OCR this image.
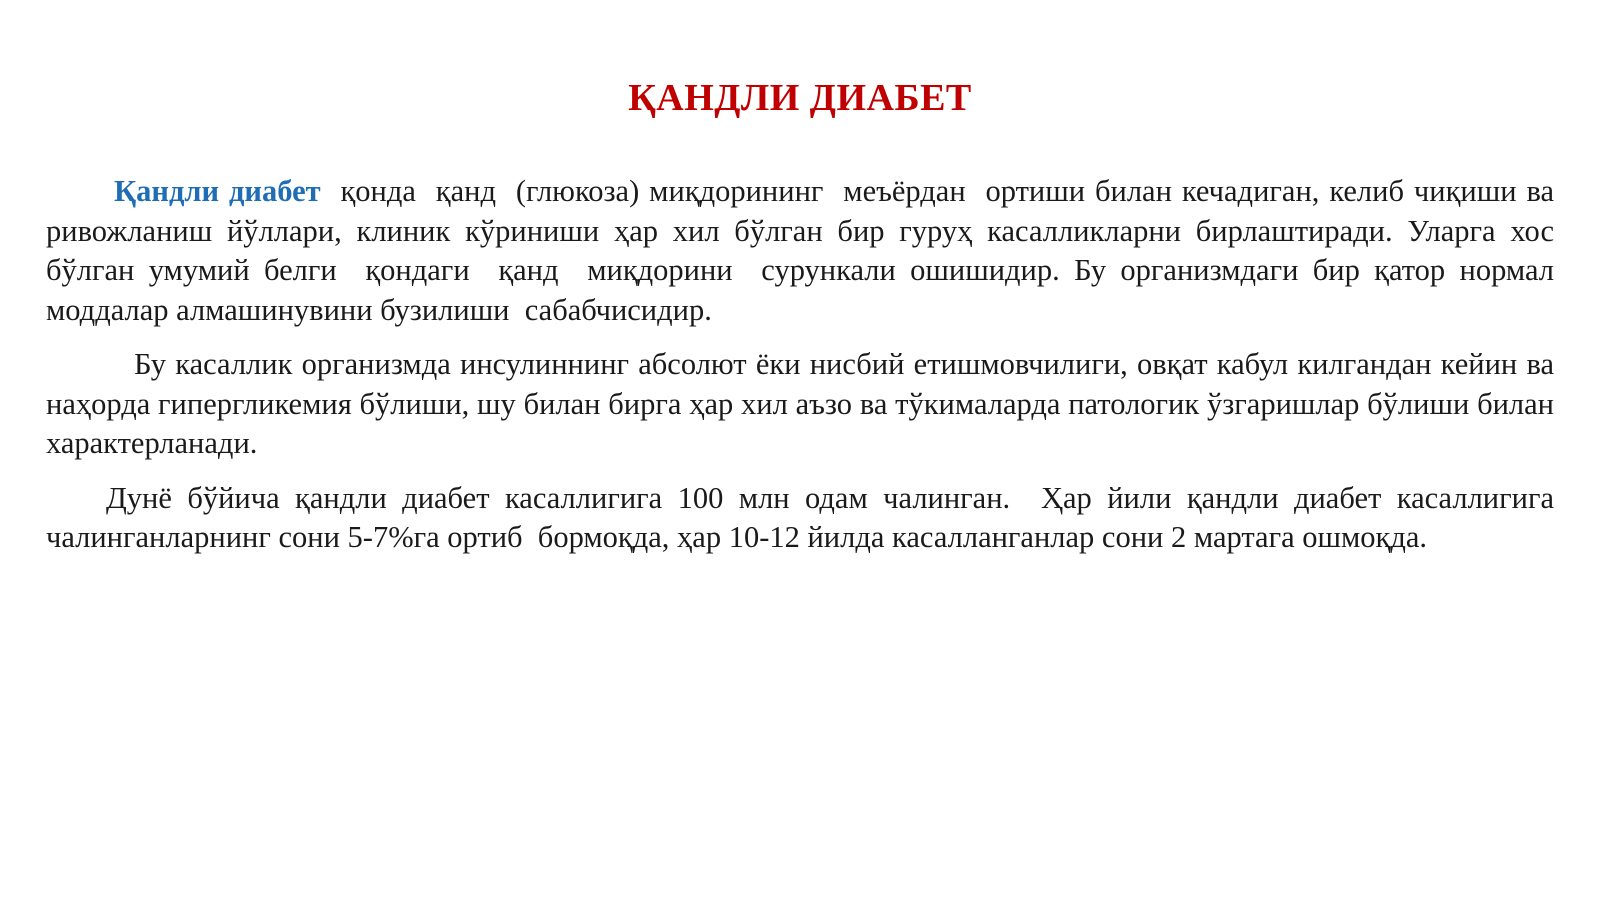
ҚАНДЛИ ДИАБЕТ

Қандли диабет  қонда  қанд  (глюкоза) миқдорининг  меъёрдан  ортиши билан кечадиган, келиб чиқиши ва ривожланиш йўллари, клиник кўриниши ҳар хил бўлган бир гуруҳ касалликларни бирлаштиради. Уларга хос бўлган умумий белги  қондаги  қанд  миқдорини  сурункали ошишидир. Бу организмдаги бир қатор нормал моддалар алмашинувини бузилиши  сабабчисидир.

Бу касаллик организмда инсулиннинг абсолют ёки нисбий етишмовчилиги, овқат кабул килгандан кейин ва наҳорда гипергликемия бўлиши, шу билан бирга ҳар хил аъзо ва тўкималарда патологик ўзгаришлар бўлиши билан характерланади.

Дунё бўйича қандли диабет касаллигига 100 млн одам чалинган.  Ҳар йили қандли диабет касаллигига чалинганларнинг сони 5-7%га ортиб  бормоқда, ҳар 10-12 йилда касалланганлар сони 2 мартага ошмоқда.
